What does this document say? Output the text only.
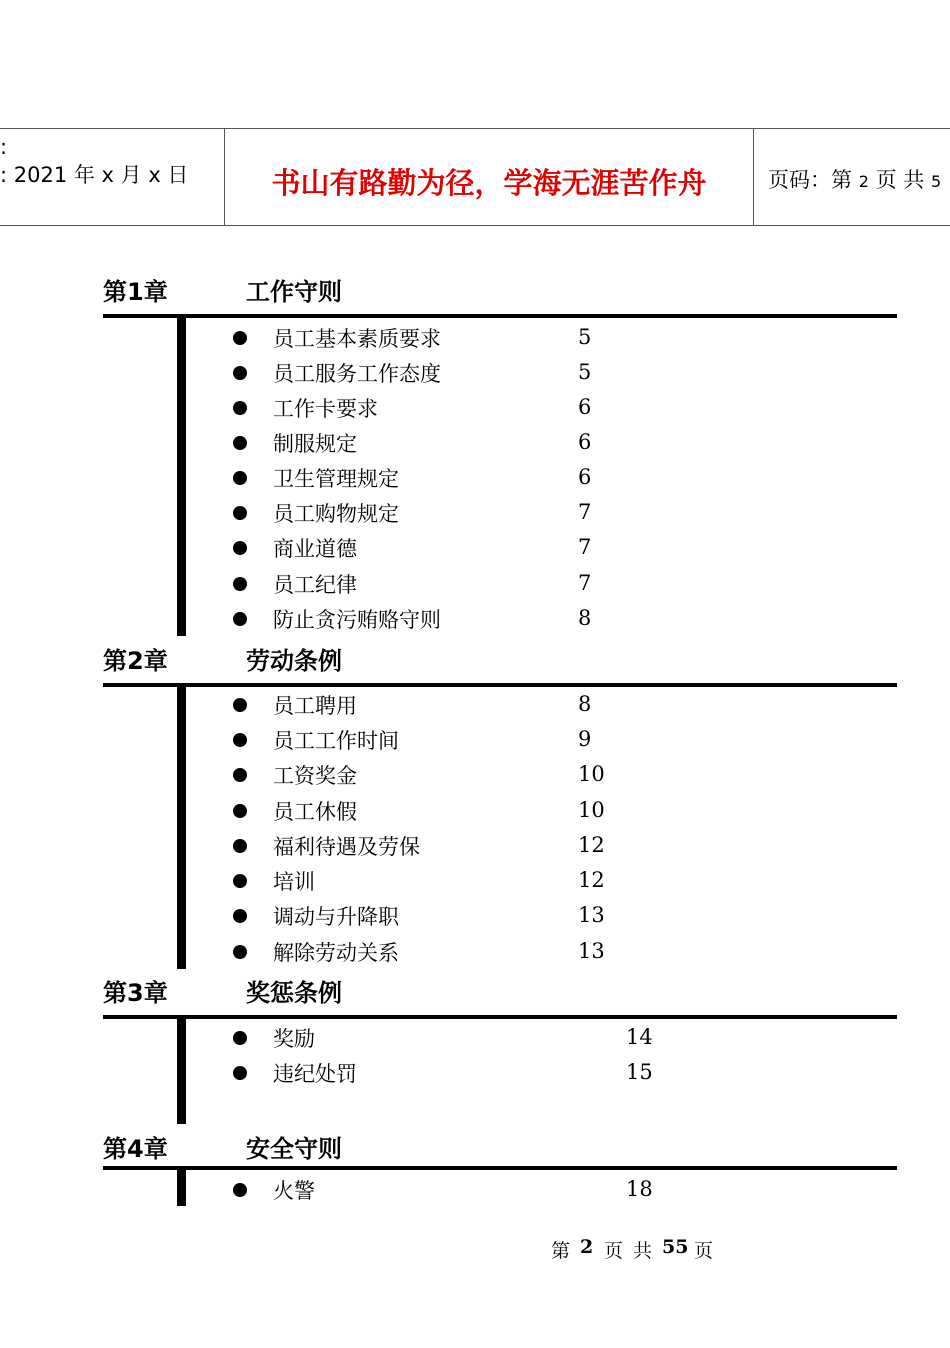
:
: 2021 年 x 月 x 日	书山有路勤为径，学海无涯苦作舟	页码：第 2 页 共 5
第1章	工作守则
员工基本素质要求	5
员工服务工作态度	5
工作卡要求	6
制服规定	6
卫生管理规定	6
员工购物规定	7
商业道德	7
员工纪律	7
防止贪污贿赂守则	8
第2章	劳动条例
员工聘用	8
员工工作时间	9
工资奖金	10
员工休假	10
福利待遇及劳保	12
培训	12
调动与升降职	13
解除劳动关系	13
第3章	奖惩条例
奖励	14
违纪处罚	15
第4章	安全守则
火警	18
第 2 页 共 55 页
